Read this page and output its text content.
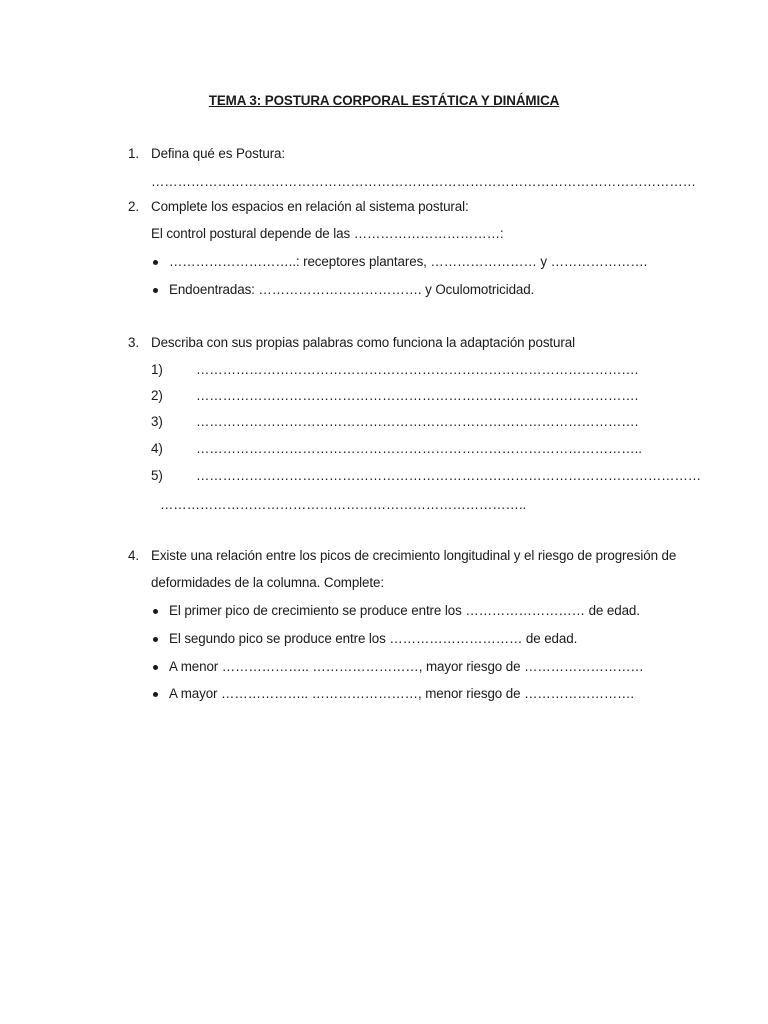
TEMA 3: POSTURA CORPORAL ESTÁTICA Y DINÁMICA
1. Defina qué es Postura:
……………………………………………………………………………………………………………
2. Complete los espacios en relación al sistema postural:
El control postural depende de las ……………………………:
………………………..: receptores plantares, …………………… y ………………….
Endoentradas: ………………………………. y Oculomotricidad.
3. Describa con sus propias palabras como funciona la adaptación postural
1) ……………………………………………………………………………………….
2) ……………………………………………………………………………………….
3) ……………………………………………………………………………………….
4) ………………………………………………………………………………………..
5) ……………………………………………………………………………………………………
………………………………………………………………………..
4. Existe una relación entre los picos de crecimiento longitudinal y el riesgo de progresión de
deformidades de la columna. Complete:
El primer pico de crecimiento se produce entre los ……………………… de edad.
El segundo pico se produce entre los ………………………… de edad.
A menor ……………….. ……………………, mayor riesgo de ………………………
A mayor ……………….. ……………………, menor riesgo de …………………….
